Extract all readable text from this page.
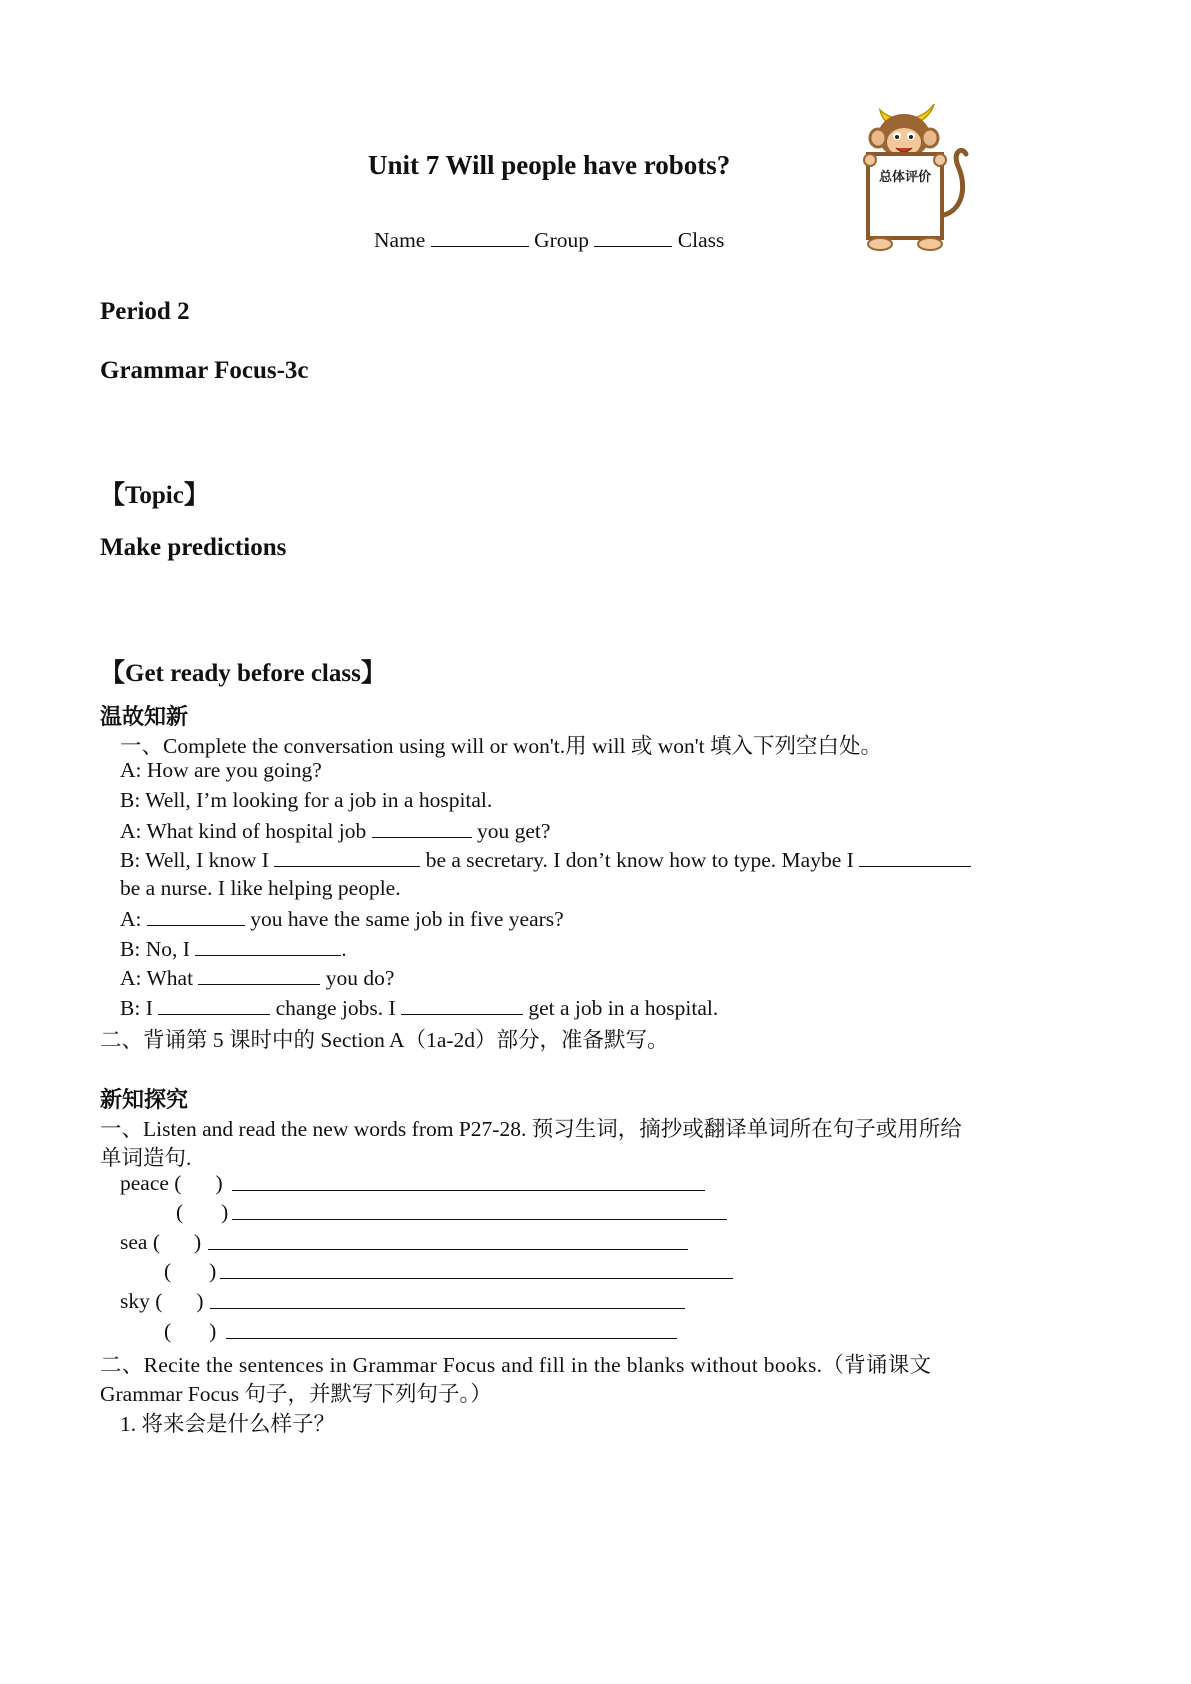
Unit 7 Will people have robots?
Name	Group	Class
总体评价
Period 2
Grammar Focus-3c
【Topic】
Make predictions
【Get ready before class】
温故知新
一、Complete the conversation using will or won't.用 will 或 won't 填入下列空白处。
A: How are you going?
B: Well, I’m looking for a job in a hospital.
A: What kind of hospital job	you get?
B: Well, I know I	be a secretary. I don’t know how to type. Maybe I
be a nurse. I like helping people.
A:	you have the same job in five years?
B: No, I	.
A: What	you do?
B: I	change jobs. I	get a job in a hospital.
二、背诵第 5 课时中的 Section A（1a-2d）部分，准备默写。
新知探究
一、Listen and read the new words from P27-28. 预习生词，摘抄或翻译单词所在句子或用所给
单词造句.
peace ( )
( )
sea ( )
( )
sky ( )
( )
二、Recite the sentences in Grammar Focus and fill in the blanks without books.（背诵课文
Grammar Focus 句子，并默写下列句子。）
1. 将来会是什么样子？
